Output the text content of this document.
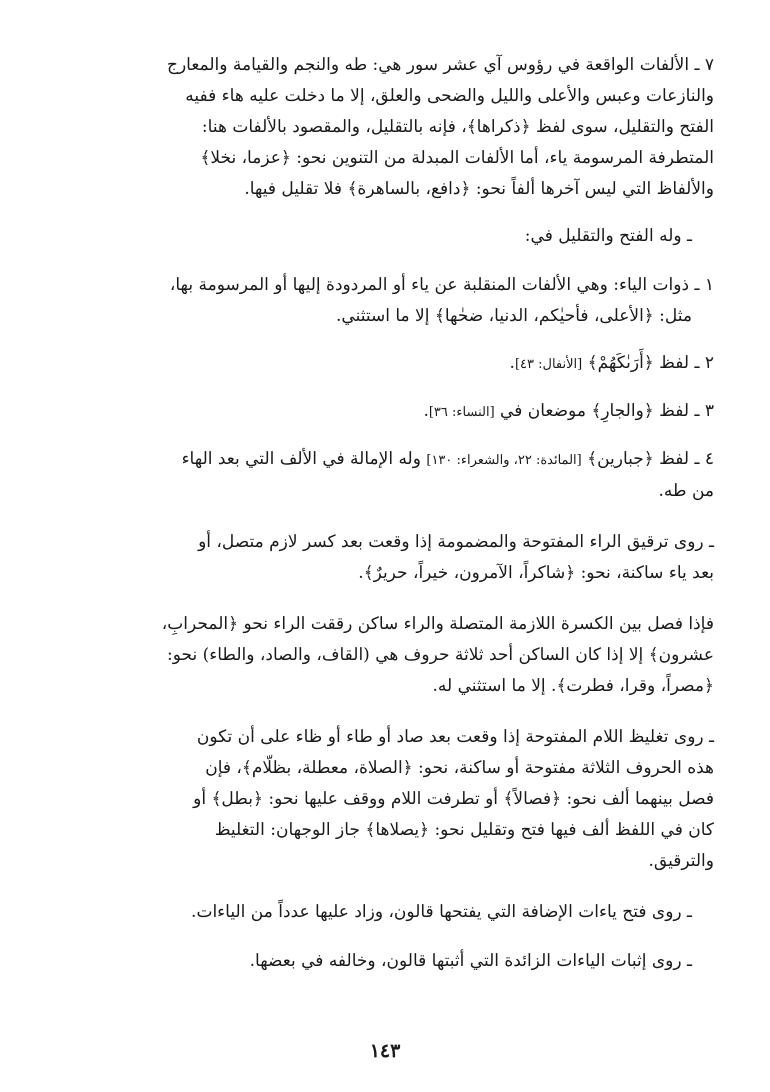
٧ ـ الألفات الواقعة في رؤوس آي عشر سور هي: طه والنجم والقيامة والمعارج
والنازعات وعبس والأعلى والليل والضحى والعلق، إلا ما دخلت عليه هاء ففيه
الفتح والتقليل، سوى لفظ ﴿ذكراها﴾، فإنه بالتقليل، والمقصود بالألفات هنا:
المتطرفة المرسومة ياء، أما الألفات المبدلة من التنوين نحو: ﴿عزما، نخلا﴾
والألفاظ التي ليس آخرها ألفاً نحو: ﴿دافع، بالساهرة﴾ فلا تقليل فيها.

ـ وله الفتح والتقليل في:

١ ـ ذوات الياء: وهي الألفات المنقلبة عن ياء أو المردودة إليها أو المرسومة بها،
مثل: ﴿الأعلى، فأحيٰكم، الدنيا، ضحٰها﴾ إلا ما استثني.

٢ ـ لفظ ﴿أَرَىٰكَهُمْ﴾ [الأنفال: ٤٣].

٣ ـ لفظ ﴿والجارِ﴾ موضعان في [النساء: ٣٦].

٤ ـ لفظ ﴿جبارين﴾ [المائدة: ٢٢، والشعراء: ١٣٠] وله الإمالة في الألف التي بعد الهاء
من طه.

ـ روى ترقيق الراء المفتوحة والمضمومة إذا وقعت بعد كسر لازم متصل، أو
بعد ياء ساكنة، نحو: ﴿شاكراً، الآمرون، خيراً، حريرٌ﴾.

فإذا فصل بين الكسرة اللازمة المتصلة والراء ساكن رققت الراء نحو ﴿المحرابِ،
عشرون﴾ إلا إذا كان الساكن أحد ثلاثة حروف هي (القاف، والصاد، والطاء) نحو:
﴿مصراً، وقرا، فطرت﴾. إلا ما استثني له.

ـ روى تغليظ اللام المفتوحة إذا وقعت بعد صاد أو طاء أو ظاء على أن تكون
هذه الحروف الثلاثة مفتوحة أو ساكنة، نحو: ﴿الصلاة، معطلة، بظلّام﴾، فإن
فصل بينهما ألف نحو: ﴿فصالاً﴾ أو تطرفت اللام ووقف عليها نحو: ﴿بطل﴾ أو
كان في اللفظ ألف فيها فتح وتقليل نحو: ﴿يصلاها﴾ جاز الوجهان: التغليظ
والترقيق.

ـ روى فتح ياءات الإضافة التي يفتحها قالون، وزاد عليها عدداً من الياءات.

ـ روى إثبات الياءات الزائدة التي أثبتها قالون، وخالفه في بعضها.

١٤٣
